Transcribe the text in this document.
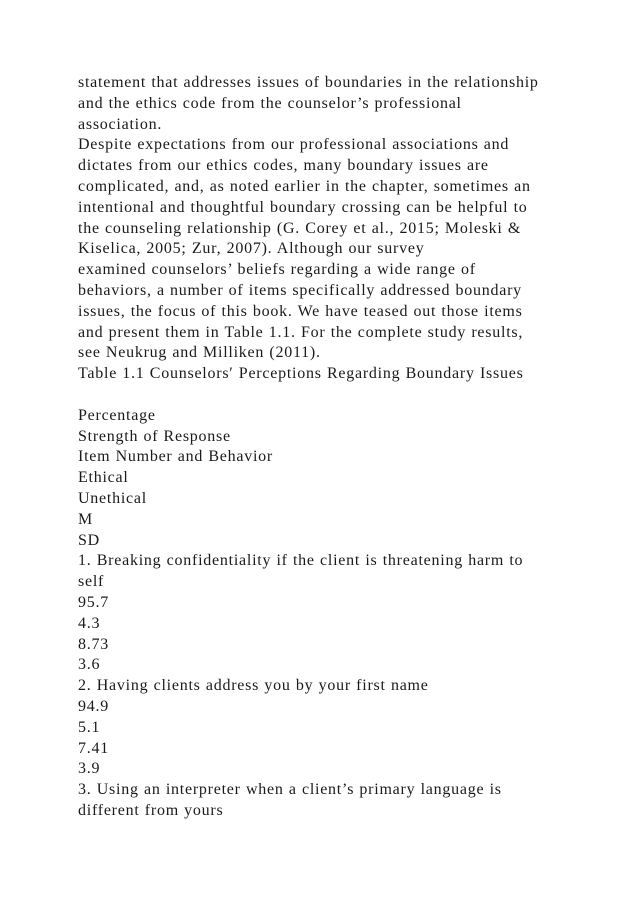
statement that addresses issues of boundaries in the relationship
and the ethics code from the counselor’s professional
association.
Despite expectations from our professional associations and
dictates from our ethics codes, many boundary issues are
complicated, and, as noted earlier in the chapter, sometimes an
intentional and thoughtful boundary crossing can be helpful to
the counseling relationship (G. Corey et al., 2015; Moleski &
Kiselica, 2005; Zur, 2007). Although our survey
examined counselors’ beliefs regarding a wide range of
behaviors, a number of items specifically addressed boundary
issues, the focus of this book. We have teased out those items
and present them in Table 1.1. For the complete study results,
see Neukrug and Milliken (2011).
Table 1.1 Counselors′ Perceptions Regarding Boundary Issues
Percentage
Strength of Response
Item Number and Behavior
Ethical
Unethical
M
SD
1. Breaking confidentiality if the client is threatening harm to
self
95.7
4.3
8.73
3.6
2. Having clients address you by your first name
94.9
5.1
7.41
3.9
3. Using an interpreter when a client’s primary language is
different from yours
